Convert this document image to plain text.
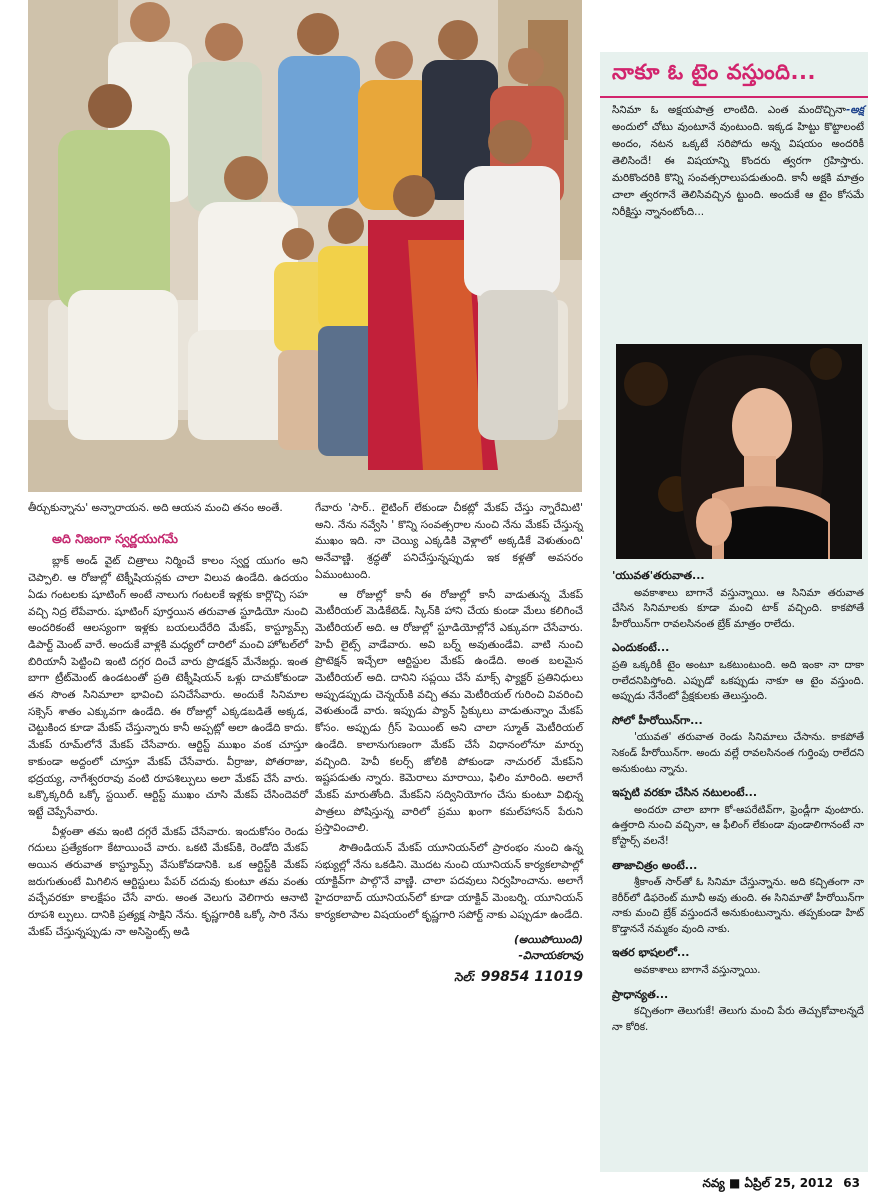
తీర్చుకున్నాను' అన్నారాయన. అది ఆయన మంచి తనం అంతే.

అది నిజంగా స్వర్ణయుగమే

బ్లాక్ అండ్ వైట్ చిత్రాలు నిర్మించే కాలం స్వర్ణ యుగం అని చెప్పాలి. ఆ రోజుల్లో టెక్నీషియన్లకు చాలా విలువ ఉండేది. ఉదయం ఏడు గంటలకు షూటింగ్ అంటే నాలుగు గంటలకే ఇళ్లకు కార్లొచ్చి సహ వచ్చి నిద్ర లేపేవారు. షూటింగ్ పూర్తయిన తరువాత స్టూడియో నుంచి అందరికంటే ఆలస్యంగా ఇళ్లకు బయలుదేరేది మేకప్, కాస్ట్యూమ్స్ డిపార్ట్ మెంట్ వారే. అందుకే వాళ్లకి మధ్యలో దారిలో మంచి హోటల్‌లో బిరియానీ పెట్టించి ఇంటి దగ్గర దించే వారు ప్రొడక్షన్ మేనేజర్లు. ఇంత బాగా ట్రీట్‌మెంట్ ఉండటంతో ప్రతి టెక్నీషియన్ ఒళ్లు దాచుకోకుండా తన సొంత సినిమాలా భావించి పనిచేసేవారు. అందుకే సినిమాల సక్సెస్ శాతం ఎక్కువగా ఉండేది. ఈ రోజుల్లో ఎక్కడబడితే అక్కడ, చెట్టుకింద కూడా మేకప్ చేస్తున్నారు కానీ అప్పట్లో అలా ఉండేది కాదు. మేకప్ రూమ్‌లోనే మేకప్ చేసేవారు. ఆర్టిస్ట్ ముఖం వంక చూస్తూ కాకుండా అద్దంలో చూస్తూ మేకప్ చేసేవారు. వీర్రాజు, పోతరాజు, భద్రయ్య, నాగేశ్వరరావు వంటి రూపశిల్పులు అలా మేకప్ చేసే వారు. ఒక్కొక్కరిదీ ఒక్కో స్టయిల్. ఆర్టిస్ట్ ముఖం చూసి మేకప్ చేసిందెవరో ఇట్టే చెప్పేసేవారు.

వీళ్లంతా తమ ఇంటి దగ్గరే మేకప్ చేసేవారు. ఇందుకోసం రెండు గదులు ప్రత్యేకంగా కేటాయించే వారు. ఒకటి మేకప్‌కి, రెండోది మేకప్ అయిన తరువాత కాస్ట్యూమ్స్ వేసుకోవడానికి. ఒక ఆర్టిస్ట్‌కి మేకప్ జరుగుతుంటే మిగిలిన ఆర్టిస్టులు పేపర్ చదువు కుంటూ తమ వంతు వచ్చేవరకూ కాలక్షేపం చేసే వారు. అంత వెలుగు వెలిగారు ఆనాటి రూపశి ల్పులు. దానికి ప్రత్యక్ష సాక్షిని నేను. కృష్ణగారికి ఒక్కో సారి నేను మేకప్ చేస్తున్నప్పుడు నా అసిస్టెంట్స్ అడి

గేవారు 'సార్.. లైటింగ్ లేకుండా చీకట్లో మేకప్ చేస్తు న్నారేమిటి' అని. నేను నవ్వేసి ' కొన్ని సంవత్సరాల నుంచి నేను మేకప్ చేస్తున్న ముఖం ఇది. నా చెయ్యి ఎక్కడికి వెళ్లాలో అక్కడికే వెళుతుంది' అనేవాణ్ణి. శ్రద్ధతో పనిచేస్తున్నప్పుడు ఇక కళ్లతో అవసరం ఏముంటుంది.

ఆ రోజుల్లో కానీ ఈ రోజుల్లో కానీ వాడుతున్న మేకప్ మెటీరియల్ మెడికేటెడ్. స్కిన్‌కి హాని చేయ కుండా మేలు కలిగించే మెటీరియల్ అది. ఆ రోజుల్లో స్టూడియోల్లోనే ఎక్కువగా చేసేవారు. హెవీ లైట్స్ వాడేవారు. అవి బర్న్ అవుతుండేవి. వాటి నుంచి ప్రొటెక్షన్ ఇచ్చేలా ఆర్టిస్టుల మేకప్ ఉండేది. అంత బలమైన మెటీరియల్ అది. దానిని సప్లయి చేసే మాక్స్ ఫ్యాక్టర్ ప్రతినిధులు అప్పుడప్పుడు చెన్నయ్‌కి వచ్చి తమ మెటీరియల్ గురించి వివరించి వెళుతుండే వారు. ఇప్పుడు ప్యాన్ స్టిక్కులు వాడుతున్నాం మేకప్ కోసం. అప్పుడు గ్రీస్ పెయింట్ అని చాలా స్మూత్ మెటీరియల్ ఉండేది. కాలానుగుణంగా మేకప్ చేసే విధానంలోనూ మార్పు వచ్చింది. హెవీ కలర్స్ జోలికి పోకుండా నాచురల్ మేకప్‌ని ఇష్టపడుతు న్నారు. కెమెరాలు మారాయి, ఫిలిం మారింది. అలాగే మేకప్ మారుతోంది. మేకప్‌ని సద్వినియోగం చేసు కుంటూ విభిన్న పాత్రలు పోషిస్తున్న వారిలో ప్రము ఖంగా కమల్‌హాసన్ పేరుని ప్రస్తావించాలి.

సౌతిండియన్ మేకప్ యూనియన్‌లో ప్రారంభం నుంచి ఉన్న సభ్యుల్లో నేను ఒకడిని. మొదట నుంచి యూనియన్ కార్యకలాపాల్లో యాక్టివ్‌గా పాల్గొనే వాణ్ణి. చాలా పదవులు నిర్వహించాను. అలాగే హైదరాబాద్ యూనియన్‌లో కూడా యాక్టివ్ మెంబర్ని. యూనియన్ కార్యకలాపాల విషయంలో కృష్ణగారి సపోర్ట్ నాకు ఎప్పుడూ ఉండేది.

(అయిపోయింది)
-వినాయకరావు
సెల్: 99854 11019
నాకూ ఓ టైం వస్తుంది...
-అక్ష
సినిమా ఓ అక్షయపాత్ర లాంటిది. ఎంత మందొచ్చినా అందులో చోటు వుంటూనే వుంటుంది. ఇక్కడ హిట్టు కొట్టాలంటే అందం, నటన ఒక్కటే సరిపోదు అన్న విషయం అందరికీ తెలిసిందే! ఈ విషయాన్ని కొందరు త్వరగా గ్రహిస్తారు. మరికొందరికి కొన్ని సంవత్సరాలుపడుతుంది. కానీ అక్షకి మాత్రం చాలా త్వరగానే తెలిసివచ్చిన ట్టుంది. అందుకే ఆ టైం కోసమే నిరీక్షిస్తు న్నానంటోంది...
'యువత'తరువాత...
అవకాశాలు బాగానే వస్తున్నాయి. ఆ సినిమా తరువాత చేసిన సినిమాలకు కూడా మంచి టాక్ వచ్చింది. కాకపోతే హీరోయిన్‌గా రావలసినంత బ్రేక్ మాత్రం రాలేదు.
ఎందుకంటే...
ప్రతి ఒక్కరికీ టైం అంటూ ఒకటుంటుంది. అది ఇంకా నా దాకా రాలేదనిపిస్తోంది. ఎప్పుడో ఒకప్పుడు నాకూ ఆ టైం వస్తుంది. అప్పుడు నేనేంటో ప్రేక్షకులకు తెలుస్తుంది.
సోలో హీరోయిన్‌గా...
'యువత' తరువాత రెండు సినిమాలు చేసాను. కాకపోతే సెకండ్ హీరోయిన్‌గా. అందు వల్లే రావలసినంత గుర్తింపు రాలేదని అనుకుంటు న్నాను.
ఇప్పటి వరకూ చేసిన నటులంటే...
అందరూ చాలా బాగా కో-ఆపరేటివ్‌గా, ఫ్రెండ్లీగా వుంటారు. ఉత్తరాది నుంచి వచ్చినా, ఆ ఫీలింగ్ లేకుండా వుండాలిగానంటే నా కోస్టార్స్ వలనే!
తాజాచిత్రం అంటే...
శ్రీకాంత్ సార్‌తో ఓ సినిమా చేస్తున్నాను. అది కచ్చితంగా నా కెరీర్‌లో డిఫరెంట్ మూవీ అవు తుంది. ఈ సినిమాతో హీరోయిన్‌గా నాకు మంచి బ్రేక్ వస్తుందనే అనుకుంటున్నాను. తప్పకుండా హిట్ కొడ్తాననే నమ్మకం వుంది నాకు.
ఇతర భాషలలో...
అవకాశాలు బాగానే వస్తున్నాయి.
ప్రాధాన్యత...
కచ్చితంగా తెలుగుకే! తెలుగు మంచి పేరు తెచ్చుకోవాలన్నదే నా కోరిక.
నవ్య ■ ఏప్రిల్ 25, 2012 63
